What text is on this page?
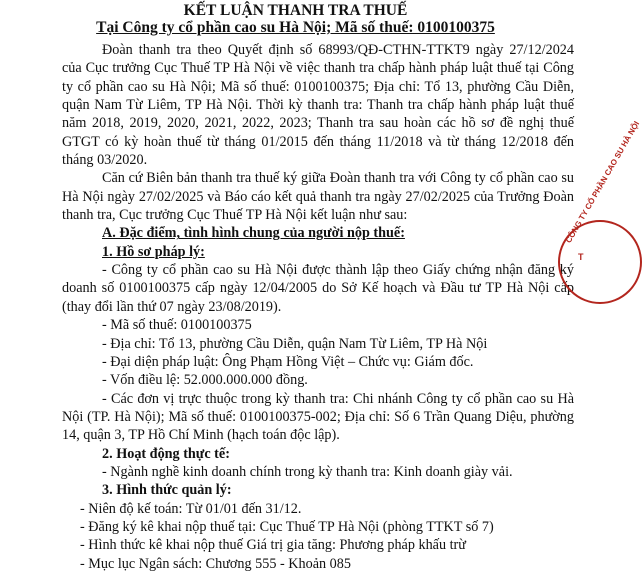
KẾT LUẬN THANH TRA THUẾ
Tại Công ty cổ phần cao su Hà Nội; Mã số thuế: 0100100375

Đoàn thanh tra theo Quyết định số 68993/QĐ-CTHN-TTKT9 ngày 27/12/2024 của Cục trưởng Cục Thuế TP Hà Nội về việc thanh tra chấp hành pháp luật thuế tại Công ty cổ phần cao su Hà Nội; Mã số thuế: 0100100375; Địa chỉ: Tổ 13, phường Cầu Diễn, quận Nam Từ Liêm, TP Hà Nội. Thời kỳ thanh tra: Thanh tra chấp hành pháp luật thuế năm 2018, 2019, 2020, 2021, 2022, 2023; Thanh tra sau hoàn các hồ sơ đề nghị thuế GTGT có kỳ hoàn thuế từ tháng 01/2015 đến tháng 11/2018 và từ tháng 12/2018 đến tháng 03/2020.

Căn cứ Biên bản thanh tra thuế ký giữa Đoàn thanh tra với Công ty cổ phần cao su Hà Nội ngày 27/02/2025 và Báo cáo kết quả thanh tra ngày 27/02/2025 của Trưởng Đoàn thanh tra, Cục trưởng Cục Thuế TP Hà Nội kết luận như sau:

A. Đặc điểm, tình hình chung của người nộp thuế:

1. Hồ sơ pháp lý:

- Công ty cổ phần cao su Hà Nội được thành lập theo Giấy chứng nhận đăng ký doanh số 0100100375 cấp ngày 12/04/2005 do Sở Kế hoạch và Đầu tư TP Hà Nội cấp (thay đổi lần thứ 07 ngày 23/08/2019).

- Mã số thuế: 0100100375

- Địa chỉ: Tổ 13, phường Cầu Diễn, quận Nam Từ Liêm, TP Hà Nội

- Đại diện pháp luật: Ông Phạm Hồng Việt – Chức vụ: Giám đốc.

- Vốn điều lệ: 52.000.000.000 đồng.

- Các đơn vị trực thuộc trong kỳ thanh tra: Chi nhánh Công ty cổ phần cao su Hà Nội (TP. Hà Nội); Mã số thuế: 0100100375-002; Địa chỉ: Số 6 Trần Quang Diệu, phường 14, quận 3, TP Hồ Chí Minh (hạch toán độc lập).

2. Hoạt động thực tế:

- Ngành nghề kinh doanh chính trong kỳ thanh tra: Kinh doanh giày vải.

3. Hình thức quản lý:

- Niên độ kế toán: Từ 01/01 đến 31/12.

- Đăng ký kê khai nộp thuế tại: Cục Thuế TP Hà Nội (phòng TTKT số 7)

- Hình thức kê khai nộp thuế Giá trị gia tăng: Phương pháp khấu trừ

- Mục lục Ngân sách: Chương 555 - Khoản 085

CÔNG TY CỔ PHẦN CAO SU HÀ NỘI
T
